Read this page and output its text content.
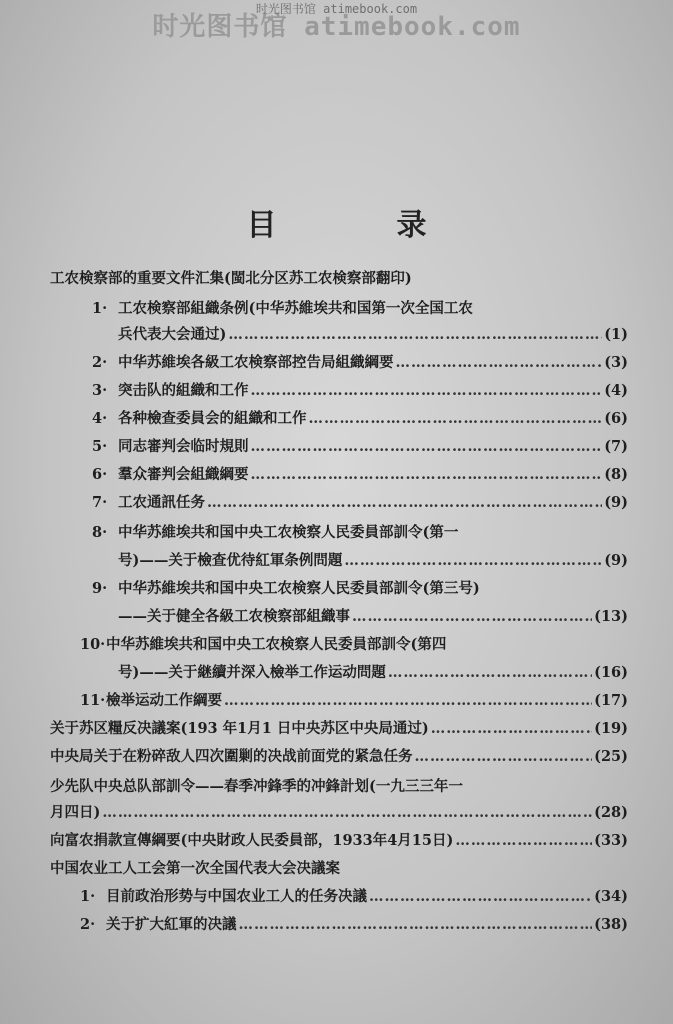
时光图书馆 atimebook.com
时光图书馆 atimebook.com
目录
工农検察部的重要文件汇集(閩北分区苏工农検察部翻印)
1· 工农検察部組織条例(中华苏維埃共和国第一次全国工农
兵代表大会通过) ……………………………………………………………………………………………………………………………	(1)
2· 中华苏維埃各級工农検察部控告局組織綱要 ……………………………………………………………………………………………………………………………	(3)
3· 突击队的組織和工作 ……………………………………………………………………………………………………………………………	(4)
4· 各种檢查委員会的組織和工作 ……………………………………………………………………………………………………………………………	(6)
5· 同志審判会临时規則 ……………………………………………………………………………………………………………………………	(7)
6· 羣众審判会組織綱要 ……………………………………………………………………………………………………………………………	(8)
7· 工农通訊任务 ……………………………………………………………………………………………………………………………	(9)
8· 中华苏維埃共和国中央工农検察人民委員部訓令(第一
号)——关于檢查优待紅軍条例問題 ……………………………………………………………………………………………………………………………	(9)
9· 中华苏維埃共和国中央工农検察人民委員部訓令(第三号)
——关于健全各級工农検察部組織事 ……………………………………………………………………………………………………………………………	(13)
10· 中华苏維埃共和国中央工农検察人民委員部訓令(第四
号)——关于継續并深入檢举工作运动問題 ……………………………………………………………………………………………………………………………	(16)
11· 檢举运动工作綱要 ……………………………………………………………………………………………………………………………	(17)
关于苏区糧反决議案(193 年1月1 日中央苏区中央局通过) ……………………………………………………………………………………………………………………………	(19)
中央局关于在粉碎敌人四次圍剿的决战前面党的紧急任务 ……………………………………………………………………………………………………………………………	(25)
少先队中央总队部訓令——春季冲鋒季的冲鋒計划(一九三三年一
月四日) ……………………………………………………………………………………………………………………………	(28)
向富农捐款宣傳綱要(中央財政人民委員部，1933年4月15日) ……………………………………………………………………………………………………………………………	(33)
中国农业工人工会第一次全国代表大会决議案
1· 目前政治形势与中国农业工人的任务决議 ……………………………………………………………………………………………………………………………	(34)
2· 关于扩大紅軍的决議 ……………………………………………………………………………………………………………………………	(38)
